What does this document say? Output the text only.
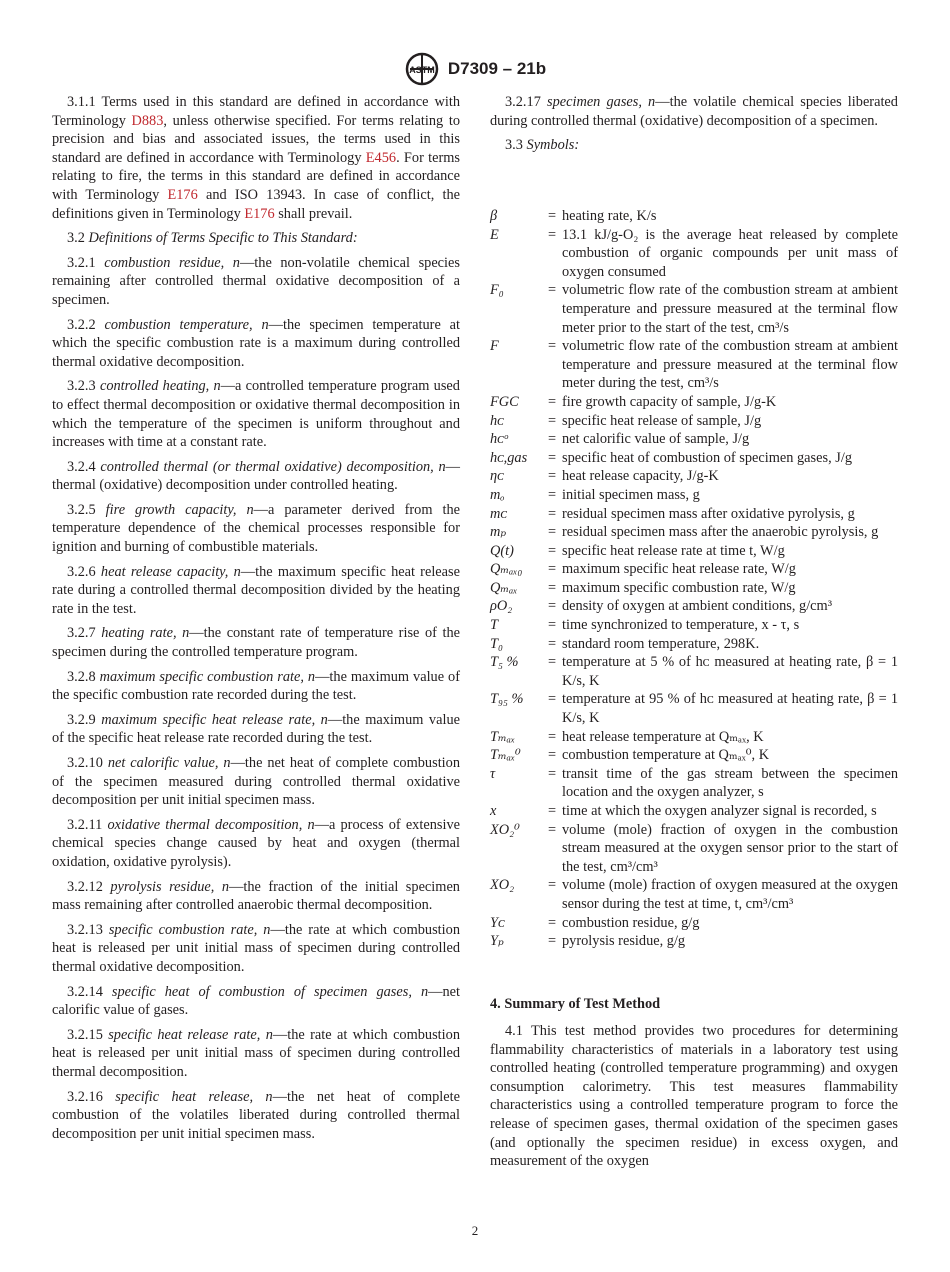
ASTM D7309 – 21b

3.1.1 Terms used in this standard are defined in accordance with Terminology D883, unless otherwise specified. For terms relating to precision and bias and associated issues, the terms used in this standard are defined in accordance with Terminology E456. For terms relating to fire, the terms in this standard are defined in accordance with Terminology E176 and ISO 13943. In case of conflict, the definitions given in Terminology E176 shall prevail.

3.2 Definitions of Terms Specific to This Standard:

3.2.1 combustion residue, n—the non-volatile chemical species remaining after controlled thermal oxidative decomposition of a specimen.

3.2.2 combustion temperature, n—the specimen temperature at which the specific combustion rate is a maximum during controlled thermal oxidative decomposition.

3.2.3 controlled heating, n—a controlled temperature program used to effect thermal decomposition or oxidative thermal decomposition in which the temperature of the specimen is uniform throughout and increases with time at a constant rate.

3.2.4 controlled thermal (or thermal oxidative) decomposition, n—thermal (oxidative) decomposition under controlled heating.

3.2.5 fire growth capacity, n—a parameter derived from the temperature dependence of the chemical processes responsible for ignition and burning of combustible materials.

3.2.6 heat release capacity, n—the maximum specific heat release rate during a controlled thermal decomposition divided by the heating rate in the test.

3.2.7 heating rate, n—the constant rate of temperature rise of the specimen during the controlled temperature program.

3.2.8 maximum specific combustion rate, n—the maximum value of the specific combustion rate recorded during the test.

3.2.9 maximum specific heat release rate, n—the maximum value of the specific heat release rate recorded during the test.

3.2.10 net calorific value, n—the net heat of complete combustion of the specimen measured during controlled thermal oxidative decomposition per unit initial specimen mass.

3.2.11 oxidative thermal decomposition, n—a process of extensive chemical species change caused by heat and oxygen (thermal oxidation, oxidative pyrolysis).

3.2.12 pyrolysis residue, n—the fraction of the initial specimen mass remaining after controlled anaerobic thermal decomposition.

3.2.13 specific combustion rate, n—the rate at which combustion heat is released per unit initial mass of specimen during controlled thermal oxidative decomposition.

3.2.14 specific heat of combustion of specimen gases, n—net calorific value of gases.

3.2.15 specific heat release rate, n—the rate at which combustion heat is released per unit initial mass of specimen during controlled thermal decomposition.

3.2.16 specific heat release, n—the net heat of complete combustion of the volatiles liberated during controlled thermal decomposition per unit initial specimen mass.

3.2.17 specimen gases, n—the volatile chemical species liberated during controlled thermal (oxidative) decomposition of a specimen.

3.3 Symbols:

β	= heating rate, K/s
E	= 13.1 kJ/g-O₂ is the average heat released by complete combustion of organic compounds per unit mass of oxygen consumed
F₀	= volumetric flow rate of the combustion stream at ambient temperature and pressure measured at the terminal flow meter prior to the start of the test, cm³/s
F	= volumetric flow rate of the combustion stream at ambient temperature and pressure measured at the terminal flow meter during the test, cm³/s
FGC	= fire growth capacity of sample, J/g-K
hᴄ	= specific heat release of sample, J/g
hᴄᵒ	= net calorific value of sample, J/g
hᴄ,gas	= specific heat of combustion of specimen gases, J/g
ηᴄ	= heat release capacity, J/g-K
mₒ	= initial specimen mass, g
mᴄ	= residual specimen mass after oxidative pyrolysis, g
mₚ	= residual specimen mass after the anaerobic pyrolysis, g
Q(t)	= specific heat release rate at time t, W/g
Qₘₐₓ₀	= maximum specific heat release rate, W/g
Qₘₐₓ	= maximum specific combustion rate, W/g
ρO₂	= density of oxygen at ambient conditions, g/cm³
T	= time synchronized to temperature, x - τ, s
T₀	= standard room temperature, 298K.
T₅ %	= temperature at 5 % of hᴄ measured at heating rate, β = 1 K/s, K
T₉₅ %	= temperature at 95 % of hᴄ measured at heating rate, β = 1 K/s, K
Tₘₐₓ	= heat release temperature at Qₘₐₓ, K
Tₘₐₓ⁰	= combustion temperature at Qₘₐₓ⁰, K
τ	= transit time of the gas stream between the specimen location and the oxygen analyzer, s
x	= time at which the oxygen analyzer signal is recorded, s
XO₂⁰	= volume (mole) fraction of oxygen in the combustion stream measured at the oxygen sensor prior to the start of the test, cm³/cm³
XO₂	= volume (mole) fraction of oxygen measured at the oxygen sensor during the test at time, t, cm³/cm³
Yᴄ	= combustion residue, g/g
Yₚ	= pyrolysis residue, g/g
4. Summary of Test Method

4.1 This test method provides two procedures for determining flammability characteristics of materials in a laboratory test using controlled heating (controlled temperature programming) and oxygen consumption calorimetry. This test measures flammability characteristics using a controlled temperature program to force the release of specimen gases, thermal oxidation of the specimen gases (and optionally the specimen residue) in excess oxygen, and measurement of the oxygen

2
